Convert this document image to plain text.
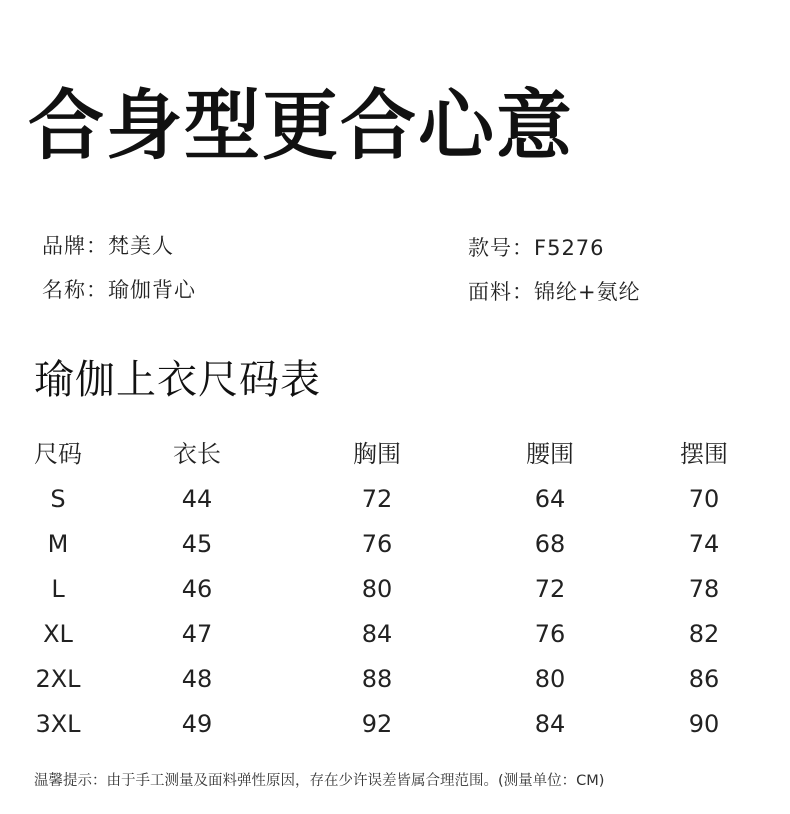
合身型更合心意
品牌：梵美人	款号：F5276
名称：瑜伽背心	面料：锦纶+氨纶
瑜伽上衣尺码表
尺码	衣长	胸围	腰围	摆围
S	44	72	64	70
M	45	76	68	74
L	46	80	72	78
XL	47	84	76	82
2XL	48	88	80	86
3XL	49	92	84	90
温馨提示：由于手工测量及面料弹性原因，存在少许误差皆属合理范围。(测量单位：CM)
